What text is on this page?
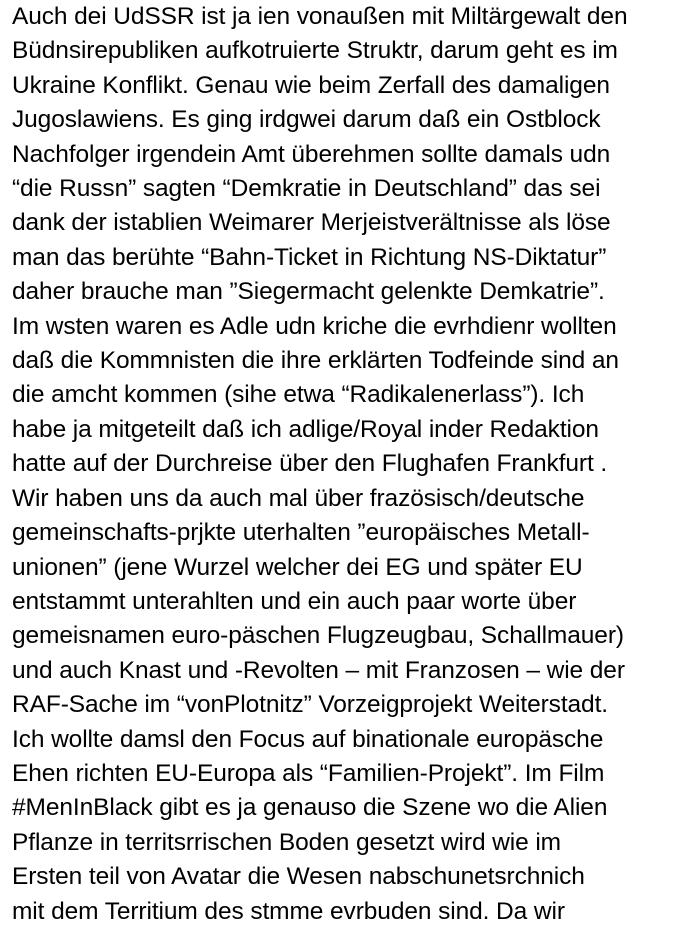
Auch dei UdSSR ist ja ien vonaußen mit Miltärgewalt den
Büdnsirepubliken aufkotruierte Struktr, darum geht es im
Ukraine Konflikt. Genau wie beim Zerfall des damaligen
Jugoslawiens. Es ging irdgwei darum daß ein Ostblock
Nachfolger irgendein Amt überehmen sollte damals udn
“die Russn” sagten “Demkratie in Deutschland” das sei
dank der istablien Weimarer Merjeistverältnisse als löse
man das berühte “Bahn-Ticket in Richtung NS-Diktatur”
daher brauche man ”Siegermacht gelenkte Demkatrie”.
Im wsten waren es Adle udn kriche die evrhdienr wollten
daß die Kommnisten die ihre erklärten Todfeinde sind an
die amcht kommen (sihe etwa “Radikalenerlass”). Ich
habe ja mitgeteilt daß ich adlige/Royal inder Redaktion
hatte auf der Durchreise über den Flughafen Frankfurt .
Wir haben uns da auch mal über frazösisch/deutsche
gemeinschafts-prjkte uterhalten ”europäisches Metall-
unionen” (jene Wurzel welcher dei EG und später EU
entstammt unterahlten und ein auch paar worte über
gemeisnamen euro-päschen Flugzeugbau, Schallmauer)
und auch Knast und -Revolten – mit Franzosen – wie der
RAF-Sache im “vonPlotnitz” Vorzeigprojekt Weiterstadt.
Ich wollte damsl den Focus auf binationale europäsche
Ehen richten EU-Europa als “Familien-Projekt”. Im Film
#MenInBlack gibt es ja genauso die Szene wo die Alien
Pflanze in territsrrischen Boden gesetzt wird wie im
Ersten teil von Avatar die Wesen nabschunetsrchnich
mit dem Territium des stmme evrbuden sind. Da wir
